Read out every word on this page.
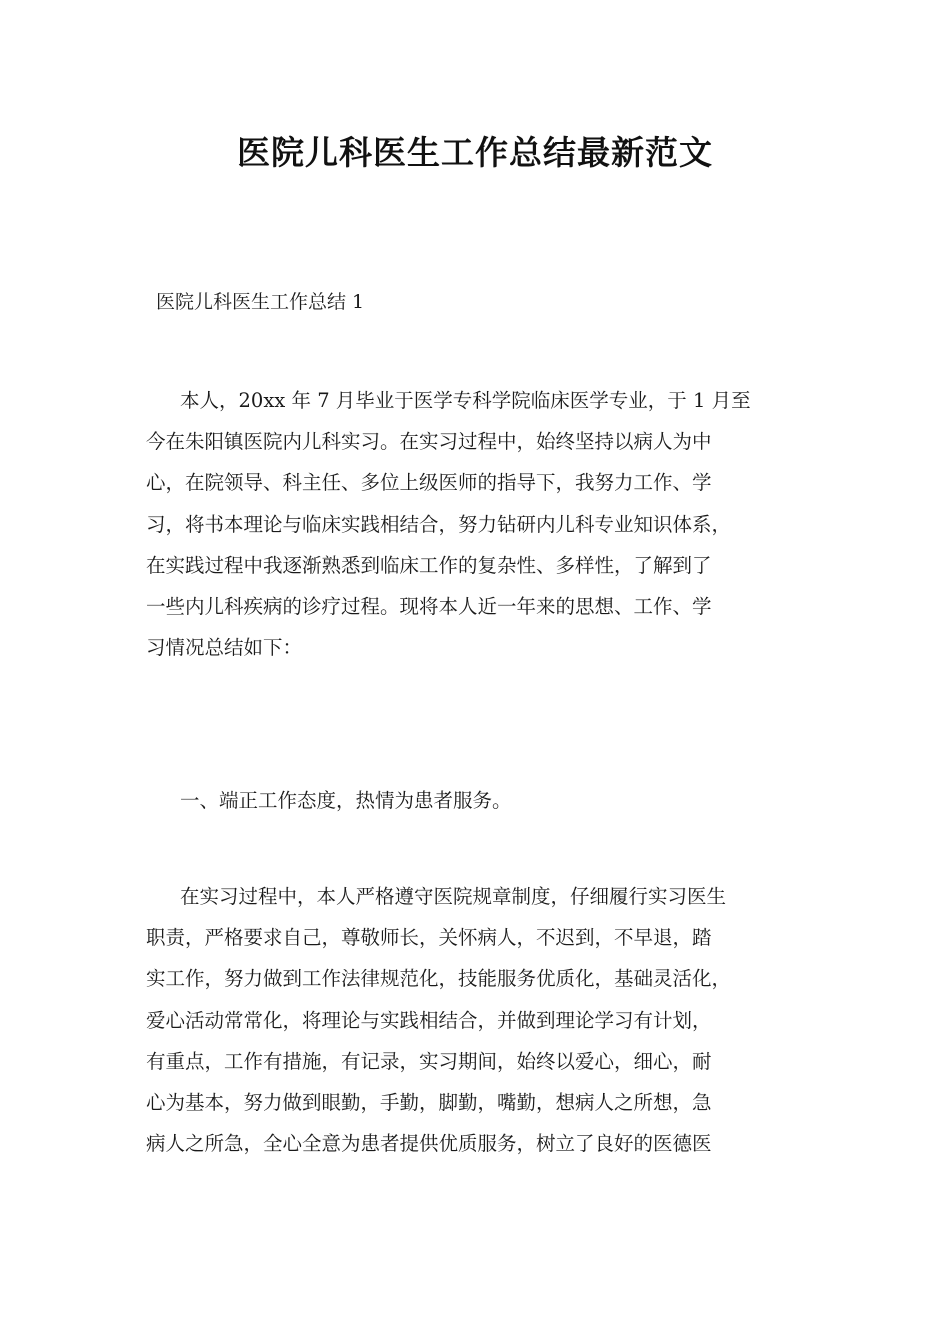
医院儿科医生工作总结最新范文

医院儿科医生工作总结 1

本人，20xx 年 7 月毕业于医学专科学院临床医学专业，于 1 月至
今在朱阳镇医院内儿科实习。在实习过程中，始终坚持以病人为中
心，在院领导、科主任、多位上级医师的指导下，我努力工作、学
习，将书本理论与临床实践相结合，努力钻研内儿科专业知识体系，
在实践过程中我逐渐熟悉到临床工作的复杂性、多样性，了解到了
一些内儿科疾病的诊疗过程。现将本人近一年来的思想、工作、学
习情况总结如下：

一、端正工作态度，热情为患者服务。

在实习过程中，本人严格遵守医院规章制度，仔细履行实习医生
职责，严格要求自己，尊敬师长，关怀病人，不迟到，不早退，踏
实工作，努力做到工作法律规范化，技能服务优质化，基础灵活化，
爱心活动常常化，将理论与实践相结合，并做到理论学习有计划，
有重点，工作有措施，有记录，实习期间，始终以爱心，细心，耐
心为基本，努力做到眼勤，手勤，脚勤，嘴勤，想病人之所想，急
病人之所急，全心全意为患者提供优质服务，树立了良好的医德医
